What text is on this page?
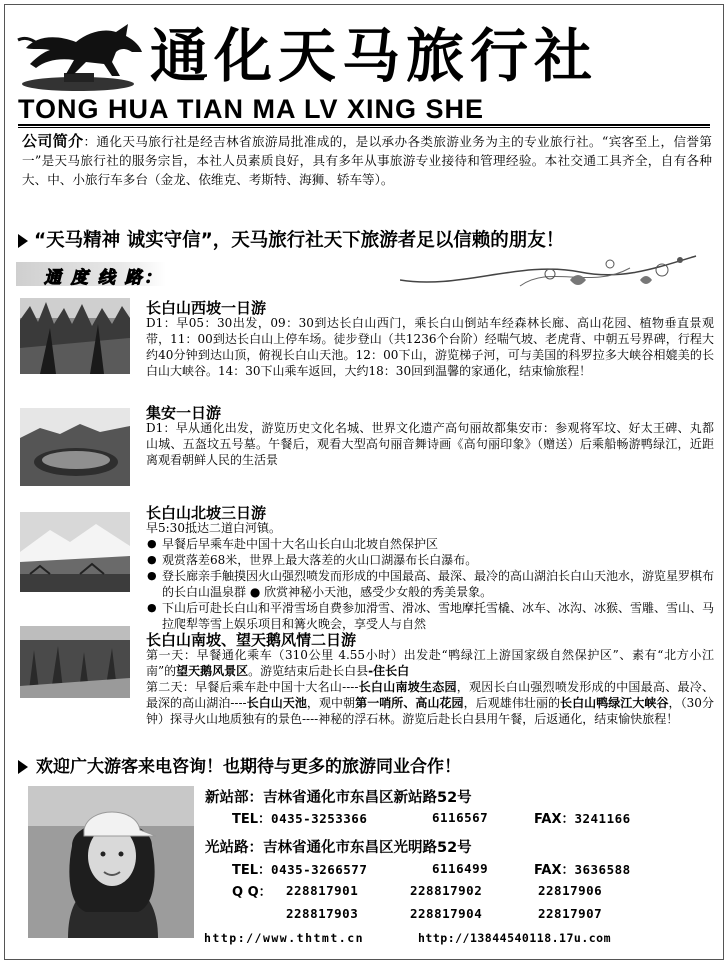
通化天马旅行社
TONG HUA TIAN MA LV XING SHE
公司简介：通化天马旅行社是经吉林省旅游局批准成的，是以承办各类旅游业务为主的专业旅行社。“宾客至上，信誉第一”是天马旅行社的服务宗旨，本社人员素质良好，具有多年从事旅游专业接待和管理经验。本社交通工具齐全，自有各种大、中、小旅行车多台（金龙、依维克、考斯特、海狮、轿车等）。
“天马精神 诚实守信”，天马旅行社天下旅游者足以信赖的朋友！
通 度 线 路：
长白山西坡一日游
D1：早05：30出发，09：30到达长白山西门，乘长白山倒站车经森林长廊、高山花园、植物垂直景观带，11：00到达长白山上停车场。徒步登山（共1236个台阶）经喘气坡、老虎背、中朝五号界碑，行程大约40分钟到达山顶，俯视长白山天池。12：00下山，游览梯子河，可与美国的科罗拉多大峡谷相媲美的长白山大峡谷。14：30下山乘车返回，大约18：30回到温馨的家通化，结束愉旅程！
集安一日游
D1：早从通化出发，游览历史文化名城、世界文化遗产高句丽故都集安市：参观将军坟、好太王碑、丸都山城、五盔坟五号墓。午餐后，观看大型高句丽音舞诗画《高句丽印象》（赠送）后乘船畅游鸭绿江，近距离观看朝鲜人民的生活景
长白山北坡三日游
早5:30抵达二道白河镇。
● 早餐后早乘车赴中国十大名山长白山北坡自然保护区
● 观赏落差68米，世界上最大落差的火山口湖瀑布长白瀑布。
● 登长廊亲手触摸因火山强烈喷发而形成的中国最高、最深、最冷的高山湖泊长白山天池水，游览星罗棋布的长白山温泉群 ● 欣赏神秘小天池，感受少女般的秀美景象。
● 下山后可赴长白山和平滑雪场自费参加滑雪、滑冰、雪地摩托雪橇、冰车、冰沟、冰猴、雪雕、雪山、马拉爬犁等雪上娱乐项目和篝火晚会，享受人与自然
长白山南坡、望天鹅风情二日游
第一天：早餐通化乘车（310公里 4.55小时）出发赴“鸭绿江上游国家级自然保护区”、素有“北方小江南”的望天鹅风景区。游览结束后赴长白县-住长白
第二天：早餐后乘车赴中国十大名山----长白山南坡生态园，观因长白山强烈喷发形成的中国最高、最冷、最深的高山湖泊----长白山天池，观中朝第一哨所、高山花园，后观雄伟壮丽的长白山鸭绿江大峡谷，（30分钟）探寻火山地质独有的景色----神秘的浮石林。游览后赴长白县用午餐，后返通化，结束愉快旅程！
欢迎广大游客来电咨询！也期待与更多的旅游同业合作！
新站部：吉林省通化市东昌区新站路52号
TEL：0435-3253366	6116567	FAX：3241166
光站路：吉林省通化市东昌区光明路52号
TEL：0435-3266577	6116499	FAX：3636588
Q Q： 228817901	228817902	22817906
228817903	228817904	22817907
http://www.thtmt.cn	http://13844540118.17u.com
